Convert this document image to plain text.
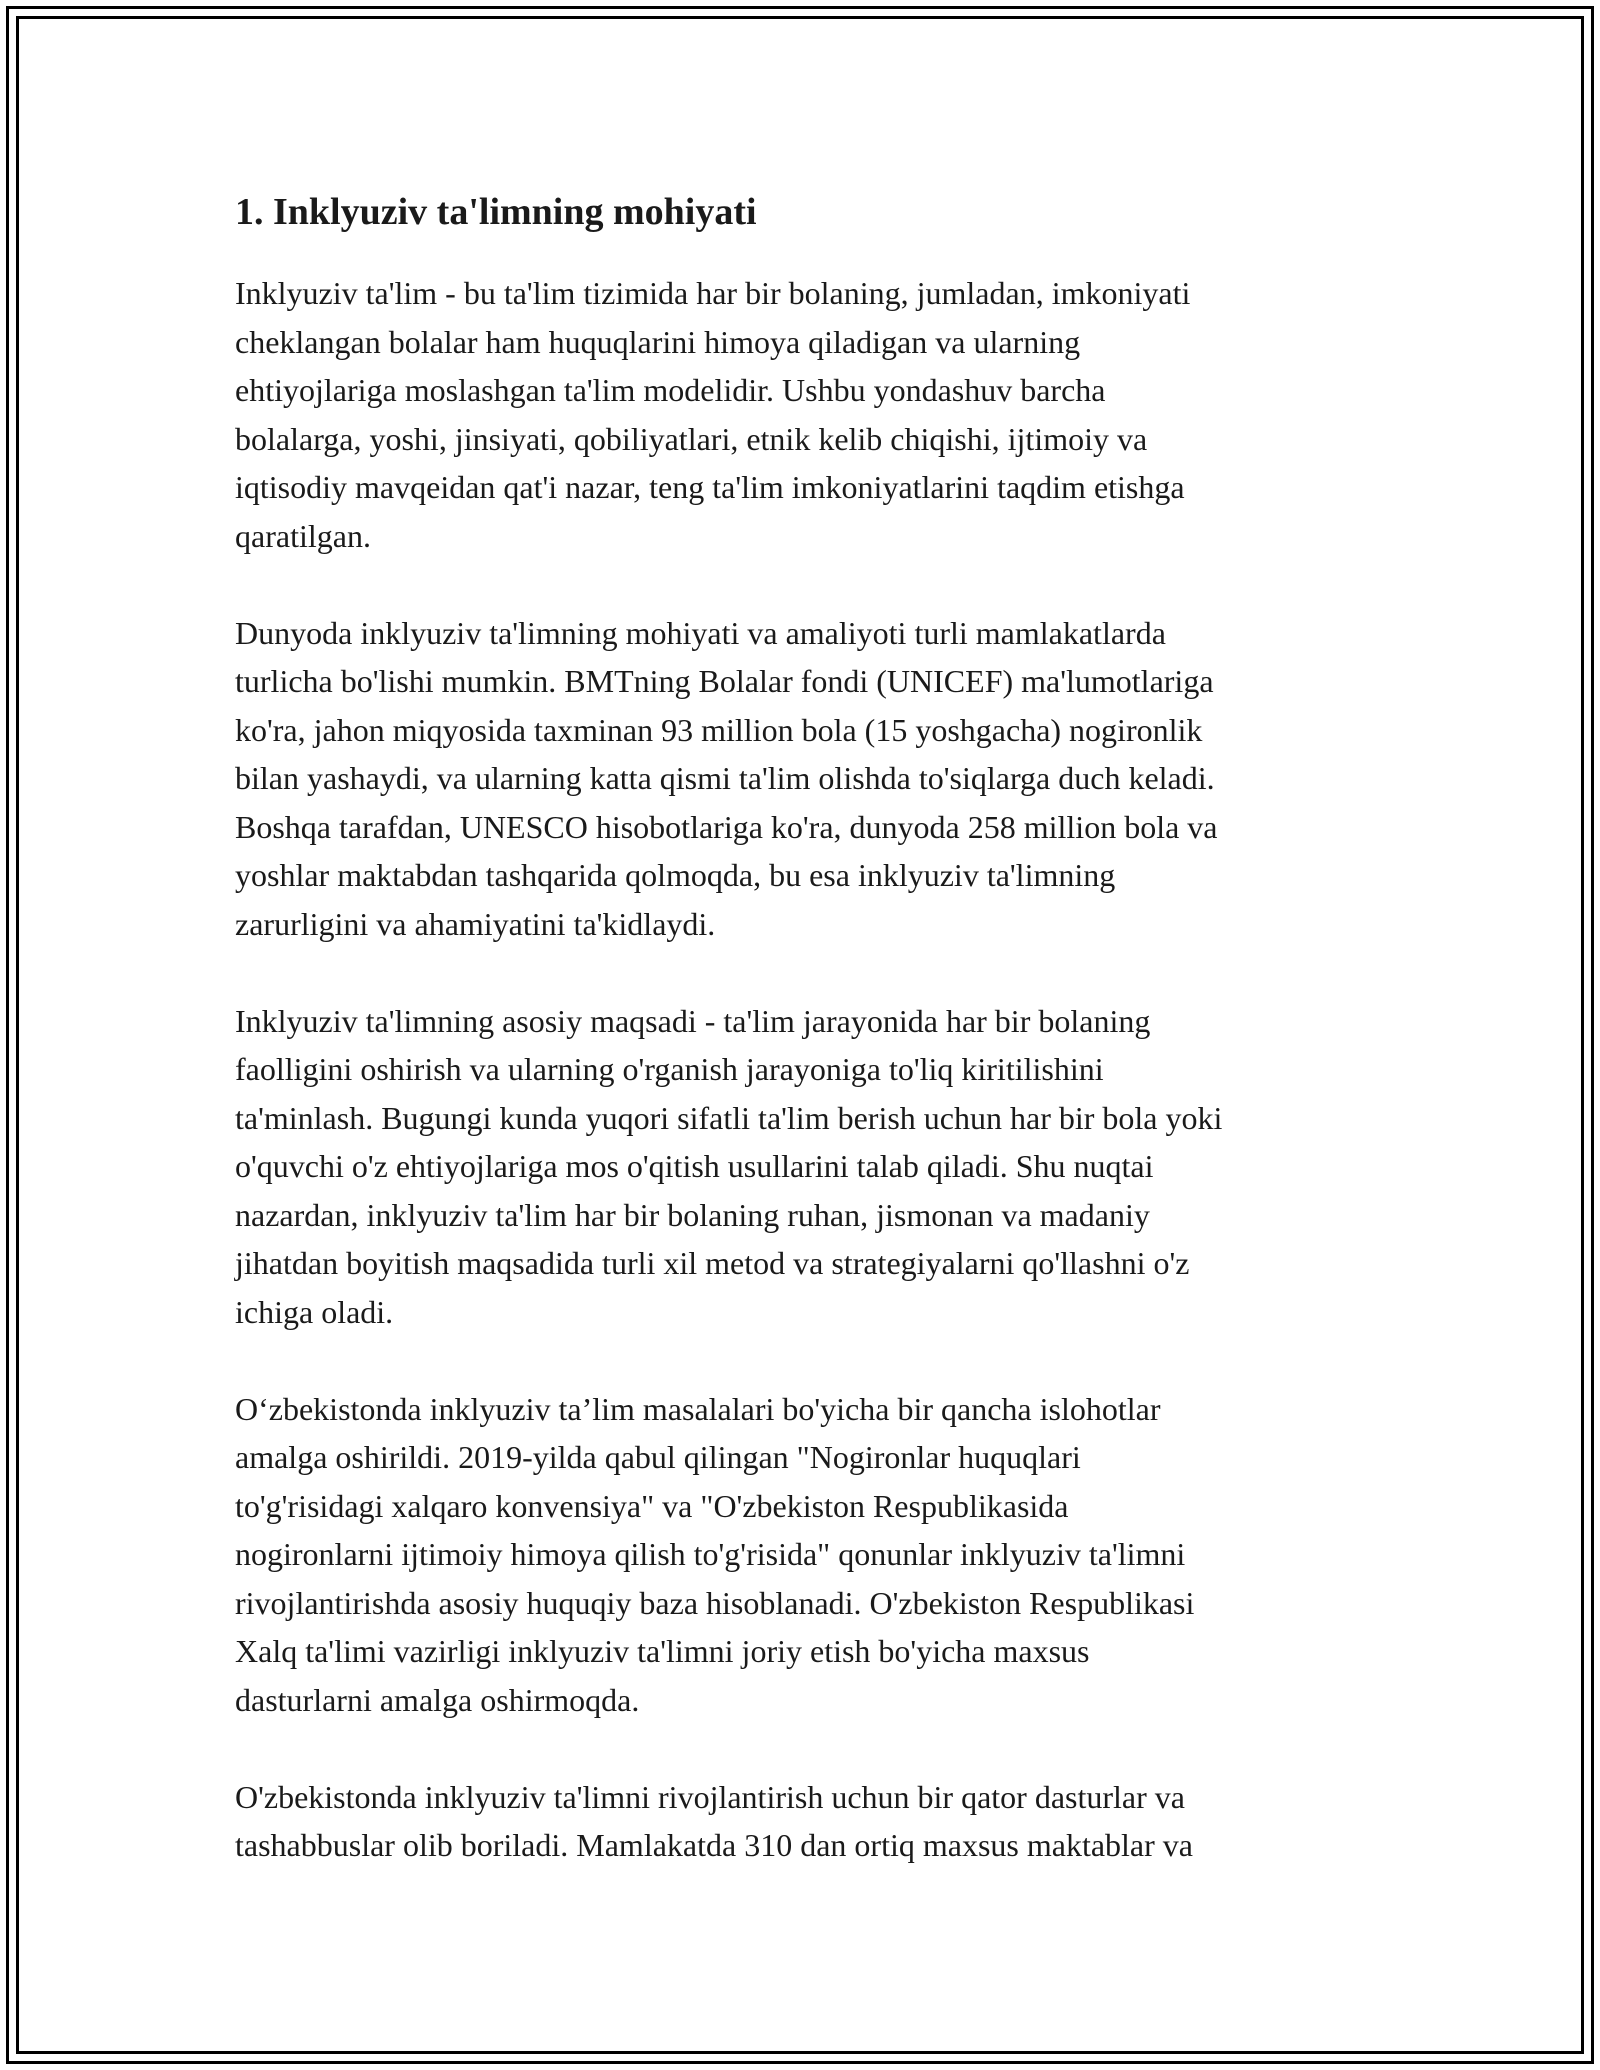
1. Inklyuziv ta'limning mohiyati
Inklyuziv ta'lim - bu ta'lim tizimida har bir bolaning, jumladan, imkoniyati
cheklangan bolalar ham huquqlarini himoya qiladigan va ularning
ehtiyojlariga moslashgan ta'lim modelidir. Ushbu yondashuv barcha
bolalarga, yoshi, jinsiyati, qobiliyatlari, etnik kelib chiqishi, ijtimoiy va
iqtisodiy mavqeidan qat'i nazar, teng ta'lim imkoniyatlarini taqdim etishga
qaratilgan.
Dunyoda inklyuziv ta'limning mohiyati va amaliyoti turli mamlakatlarda
turlicha bo'lishi mumkin. BMTning Bolalar fondi (UNICEF) ma'lumotlariga
ko'ra, jahon miqyosida taxminan 93 million bola (15 yoshgacha) nogironlik
bilan yashaydi, va ularning katta qismi ta'lim olishda to'siqlarga duch keladi.
Boshqa tarafdan, UNESCO hisobotlariga ko'ra, dunyoda 258 million bola va
yoshlar maktabdan tashqarida qolmoqda, bu esa inklyuziv ta'limning
zarurligini va ahamiyatini ta'kidlaydi.
Inklyuziv ta'limning asosiy maqsadi - ta'lim jarayonida har bir bolaning
faolligini oshirish va ularning o'rganish jarayoniga to'liq kiritilishini
ta'minlash. Bugungi kunda yuqori sifatli ta'lim berish uchun har bir bola yoki
o'quvchi o'z ehtiyojlariga mos o'qitish usullarini talab qiladi. Shu nuqtai
nazardan, inklyuziv ta'lim har bir bolaning ruhan, jismonan va madaniy
jihatdan boyitish maqsadida turli xil metod va strategiyalarni qo'llashni o'z
ichiga oladi.
O‘zbekistonda inklyuziv ta’lim masalalari bo'yicha bir qancha islohotlar
amalga oshirildi. 2019-yilda qabul qilingan "Nogironlar huquqlari
to'g'risidagi xalqaro konvensiya" va "O'zbekiston Respublikasida
nogironlarni ijtimoiy himoya qilish to'g'risida" qonunlar inklyuziv ta'limni
rivojlantirishda asosiy huquqiy baza hisoblanadi. O'zbekiston Respublikasi
Xalq ta'limi vazirligi inklyuziv ta'limni joriy etish bo'yicha maxsus
dasturlarni amalga oshirmoqda.
O'zbekistonda inklyuziv ta'limni rivojlantirish uchun bir qator dasturlar va
tashabbuslar olib boriladi. Mamlakatda 310 dan ortiq maxsus maktablar va
